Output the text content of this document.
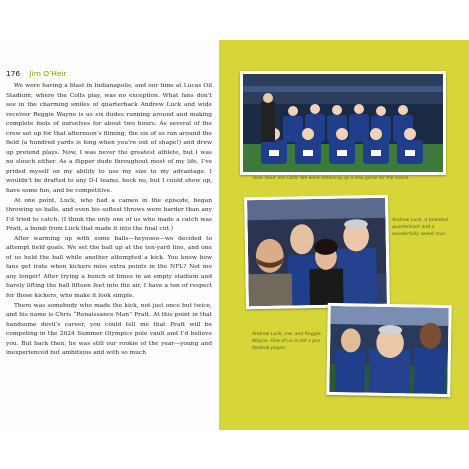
176 Jim O’Heir

We were having a blast in Indianapolis, and our time at Lucas Oil Stadium, where the Colts play, was no exception. What fans don’t see in the charming smiles of quarterback Andrew Luck and wide receiver Reggie Wayne is us six dudes running around and making complete fools of ourselves for about two hours. As several of the crew set up for that afternoon’s filming, the six of us ran around the field (a hundred yards is long when you’re out of shape!) and drew up pretend plays. Now, I was never the greatest athlete, but I was no slouch either. As a flipper dude throughout most of my life, I’ve prided myself on my ability to use my size to my advantage. I wouldn’t be drafted to any D-I teams, heck no, but I could show up, have some fun, and be competitive.

At one point, Luck, who had a cameo in the episode, began throwing us balls, and even his softest throws were harder than any I’d tried to catch. (I think the only one of us who made a catch was Pratt, a bomb from Luck that made it into the final cut.)

After warming up with some balls—heyoooo—we decided to attempt field goals. We set the ball up at the ten-yard line, and one of us held the ball while another attempted a kick. You know how fans get irate when kickers miss extra points in the NFL? Not me any longer! After trying a bunch of times in an empty stadium and barely lifting the ball fifteen feet into the air, I have a ton of respect for those kickers, who make it look simple.

There was somebody who made the kick, not just once but twice, and his name is Chris “Renaissance Man” Pratt. At this point in that handsome devil’s career, you could tell me that Pratt will be competing in the 2024 Summer Olympics pole vault and I’d believe you. But back then, he was still our rookie of the year—young and inexperienced but ambitious and with so much

How ‘bout ’em Colts: We were dreaming up a new game for the movie.
Andrew Luck, a talented quarterback and a wonderfully sweet man.
Andrew Luck, me, and Reggie Wayne. One of us is not a pro football player.
